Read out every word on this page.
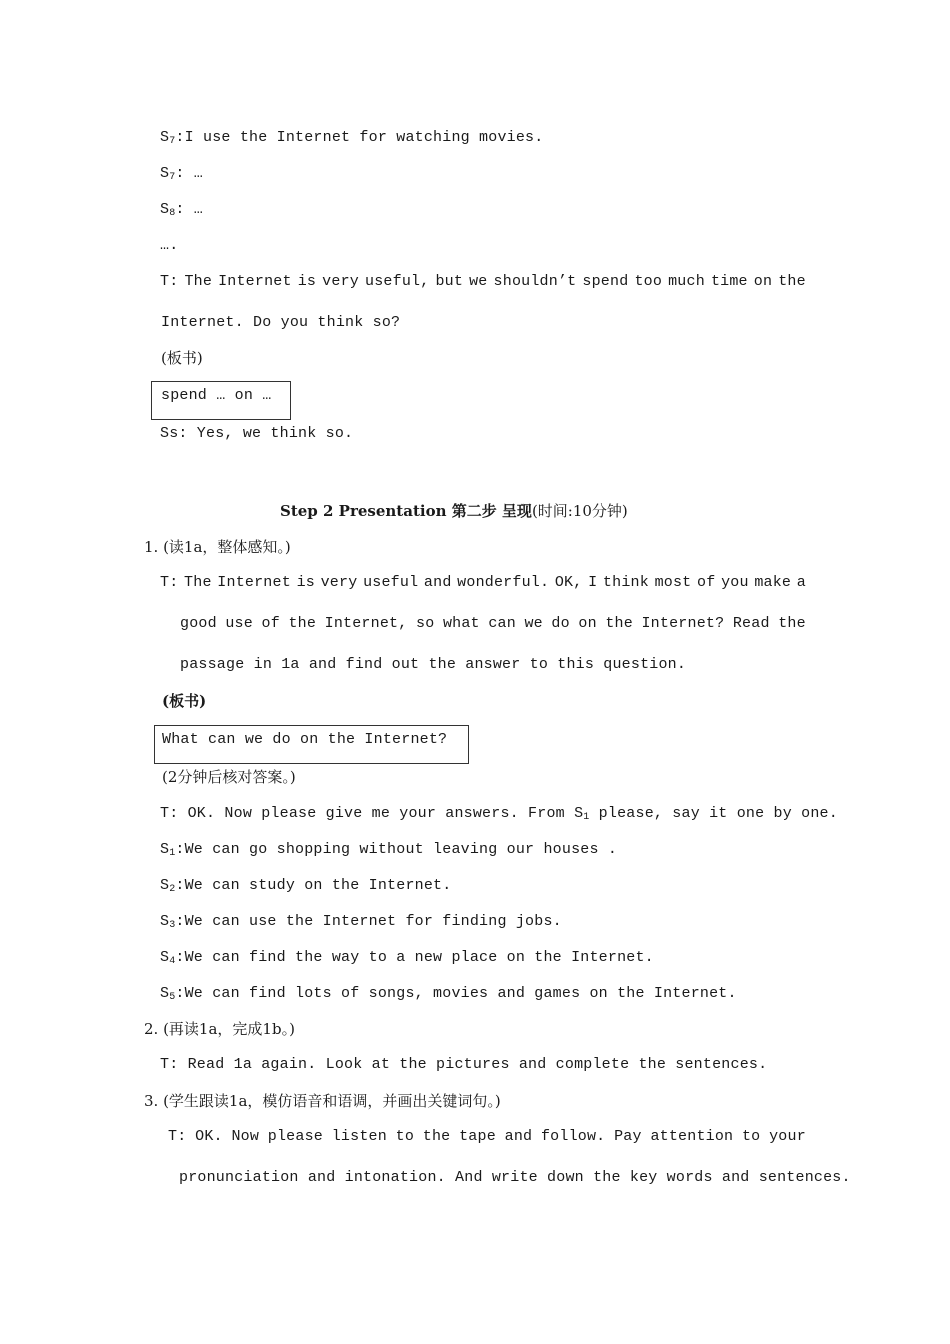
$S_7:I$ use the Internet for watching movies.
$S_7$: …
$S_8$: …
….
T: The Internet is very useful, but we shouldn’t spend too much time on the
Internet. Do you think so?
(板书)
spend … on …
Ss: Yes, we think so.
Step 2 Presentation 第二步 呈现(时间:10分钟)
1. (读1a，整体感知。)
T: The Internet is very useful and wonderful. OK, I think most of you make a
good use of the Internet, so what can we do on the Internet? Read the
passage in 1a and find out the answer to this question.
(板书)
What can we do on the Internet?
(2分钟后核对答案。)
T: OK. Now please give me your answers. From $S_1$ please, say it one by one.
$S_1:We$ can go shopping without leaving our houses .
$S_2:We$ can study on the Internet.
$S_3:We$ can use the Internet for finding jobs.
$S_4:We$ can find the way to a new place on the Internet.
$S_5:We$ can find lots of songs, movies and games on the Internet.
2. (再读1a，完成1b。)
T: Read 1a again. Look at the pictures and complete the sentences.
3. (学生跟读1a，模仿语音和语调，并画出关键词句。)
T: OK. Now please listen to the tape and follow. Pay attention to your
pronunciation and intonation. And write down the key words and sentences.
